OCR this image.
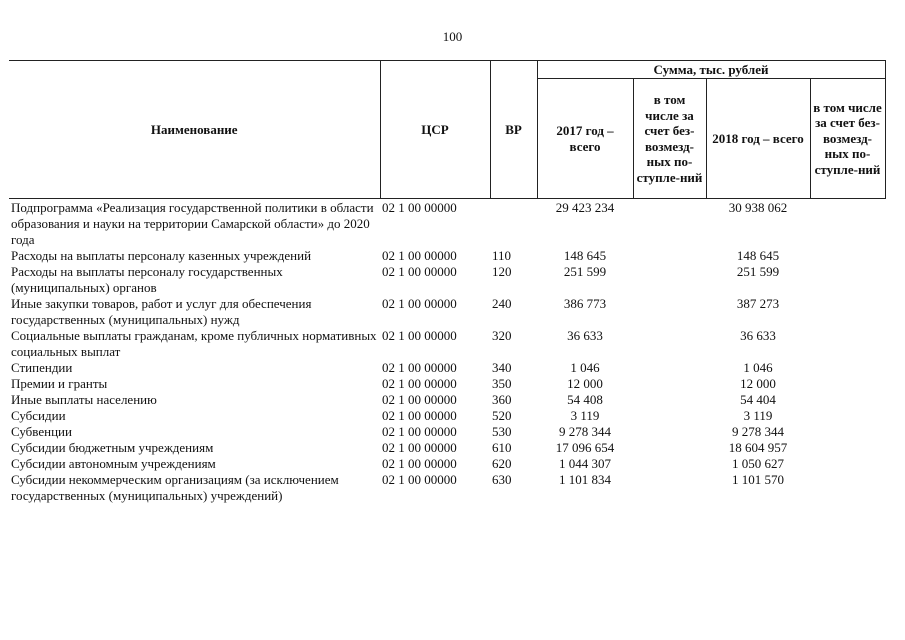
100
Наименование	ЦСР	ВР	Сумма, тыс. рублей			
			2017 год – всего	в том числе за счет без-возмезд-ных по-ступле-ний	2018 год – всего	в том числе за счет без-возмезд-ных по-ступле-ний
Подпрограмма «Реализация государственной политики в области образования и науки на территории Самарской области» до 2020 года	02 1 00 00000		29 423 234		30 938 062	
Расходы на выплаты персоналу казенных учреждений	02 1 00 00000	110	148 645		148 645	
Расходы на выплаты персоналу государственных (муниципальных) органов	02 1 00 00000	120	251 599		251 599	
Иные закупки товаров, работ и услуг для обеспечения государственных (муниципальных) нужд	02 1 00 00000	240	386 773		387 273	
Социальные выплаты гражданам, кроме публичных нормативных социальных выплат	02 1 00 00000	320	36 633		36 633	
Стипендии	02 1 00 00000	340	1 046		1 046	
Премии и гранты	02 1 00 00000	350	12 000		12 000	
Иные выплаты населению	02 1 00 00000	360	54 408		54 404	
Субсидии	02 1 00 00000	520	3 119		3 119	
Субвенции	02 1 00 00000	530	9 278 344		9 278 344	
Субсидии бюджетным учреждениям	02 1 00 00000	610	17 096 654		18 604 957	
Субсидии автономным учреждениям	02 1 00 00000	620	1 044 307		1 050 627	
Субсидии некоммерческим организациям (за исключением государственных (муниципальных) учреждений)	02 1 00 00000	630	1 101 834		1 101 570	
